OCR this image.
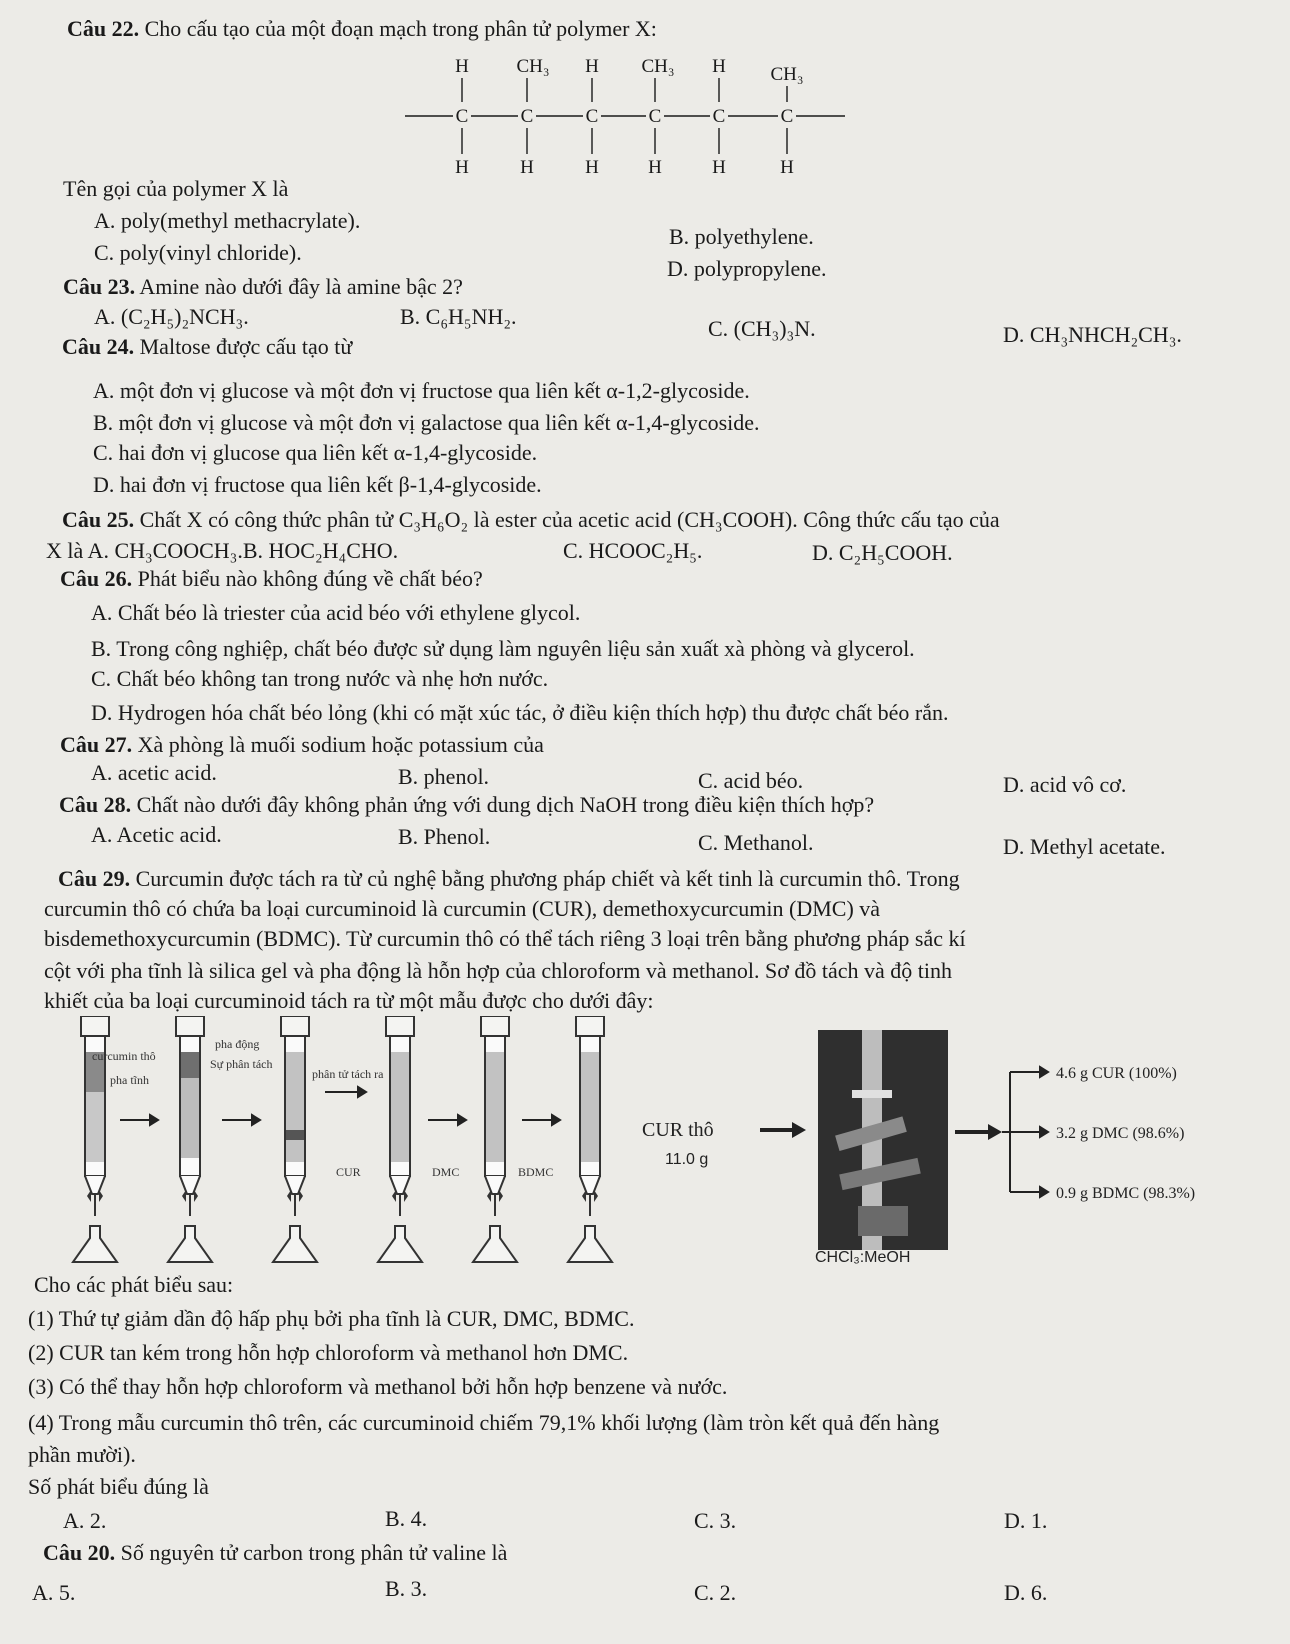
Câu 22. Cho cấu tạo của một đoạn mạch trong phân tử polymer X:
H	CH₃ H CH₃ H CH₃
C	C	C	C	C	C
H	H	H	H	H	H
Tên gọi của polymer X là
A. poly(methyl methacrylate).
B. polyethylene.
C. poly(vinyl chloride).
D. polypropylene.
Câu 23. Amine nào dưới đây là amine bậc 2?
A. (C₂H₅)₂NCH₃.	B. C₆H₅NH₂.	C. (CH₃)₃N.	D. CH₃NHCH₂CH₃.
Câu 24. Maltose được cấu tạo từ
A. một đơn vị glucose và một đơn vị fructose qua liên kết α-1,2-glycoside.
B. một đơn vị glucose và một đơn vị galactose qua liên kết α-1,4-glycoside.
C. hai đơn vị glucose qua liên kết α-1,4-glycoside.
D. hai đơn vị fructose qua liên kết β-1,4-glycoside.
Câu 25. Chất X có công thức phân tử C₃H₆O₂ là ester của acetic acid (CH₃COOH). Công thức cấu tạo của
X là A. CH₃COOCH₃.B. HOC₂H₄CHO.	C. HCOOC₂H₅.	D. C₂H₅COOH.
Câu 26. Phát biểu nào không đúng về chất béo?
A. Chất béo là triester của acid béo với ethylene glycol.
B. Trong công nghiệp, chất béo được sử dụng làm nguyên liệu sản xuất xà phòng và glycerol.
C. Chất béo không tan trong nước và nhẹ hơn nước.
D. Hydrogen hóa chất béo lỏng (khi có mặt xúc tác, ở điều kiện thích hợp) thu được chất béo rắn.
Câu 27. Xà phòng là muối sodium hoặc potassium của
A. acetic acid.	B. phenol.	C. acid béo.	D. acid vô cơ.
Câu 28. Chất nào dưới đây không phản ứng với dung dịch NaOH trong điều kiện thích hợp?
A. Acetic acid.	B. Phenol.	C. Methanol.	D. Methyl acetate.
Câu 29. Curcumin được tách ra từ củ nghệ bằng phương pháp chiết và kết tinh là curcumin thô. Trong
curcumin thô có chứa ba loại curcuminoid là curcumin (CUR), demethoxycurcumin (DMC) và
bisdemethoxycurcumin (BDMC). Từ curcumin thô có thể tách riêng 3 loại trên bằng phương pháp sắc kí
cột với pha tĩnh là silica gel và pha động là hỗn hợp của chloroform và methanol. Sơ đồ tách và độ tinh
khiết của ba loại curcuminoid tách ra từ một mẫu được cho dưới đây:
curcumin thô
pha tĩnh
pha động
Sự phân tách
phân tử tách ra
CUR	DMC	BDMC
CUR thô
11.0 g
CHCl₃:MeOH
4.6 g CUR (100%)
3.2 g DMC (98.6%)
0.9 g BDMC (98.3%)
Cho các phát biểu sau:
(1) Thứ tự giảm dần độ hấp phụ bởi pha tĩnh là CUR, DMC, BDMC.
(2) CUR tan kém trong hỗn hợp chloroform và methanol hơn DMC.
(3) Có thể thay hỗn hợp chloroform và methanol bởi hỗn hợp benzene và nước.
(4) Trong mẫu curcumin thô trên, các curcuminoid chiếm 79,1% khối lượng (làm tròn kết quả đến hàng
phần mười).
Số phát biểu đúng là
A. 2.	B. 4.	C. 3.	D. 1.
Câu 20. Số nguyên tử carbon trong phân tử valine là
A. 5.	B. 3.	C. 2.	D. 6.
